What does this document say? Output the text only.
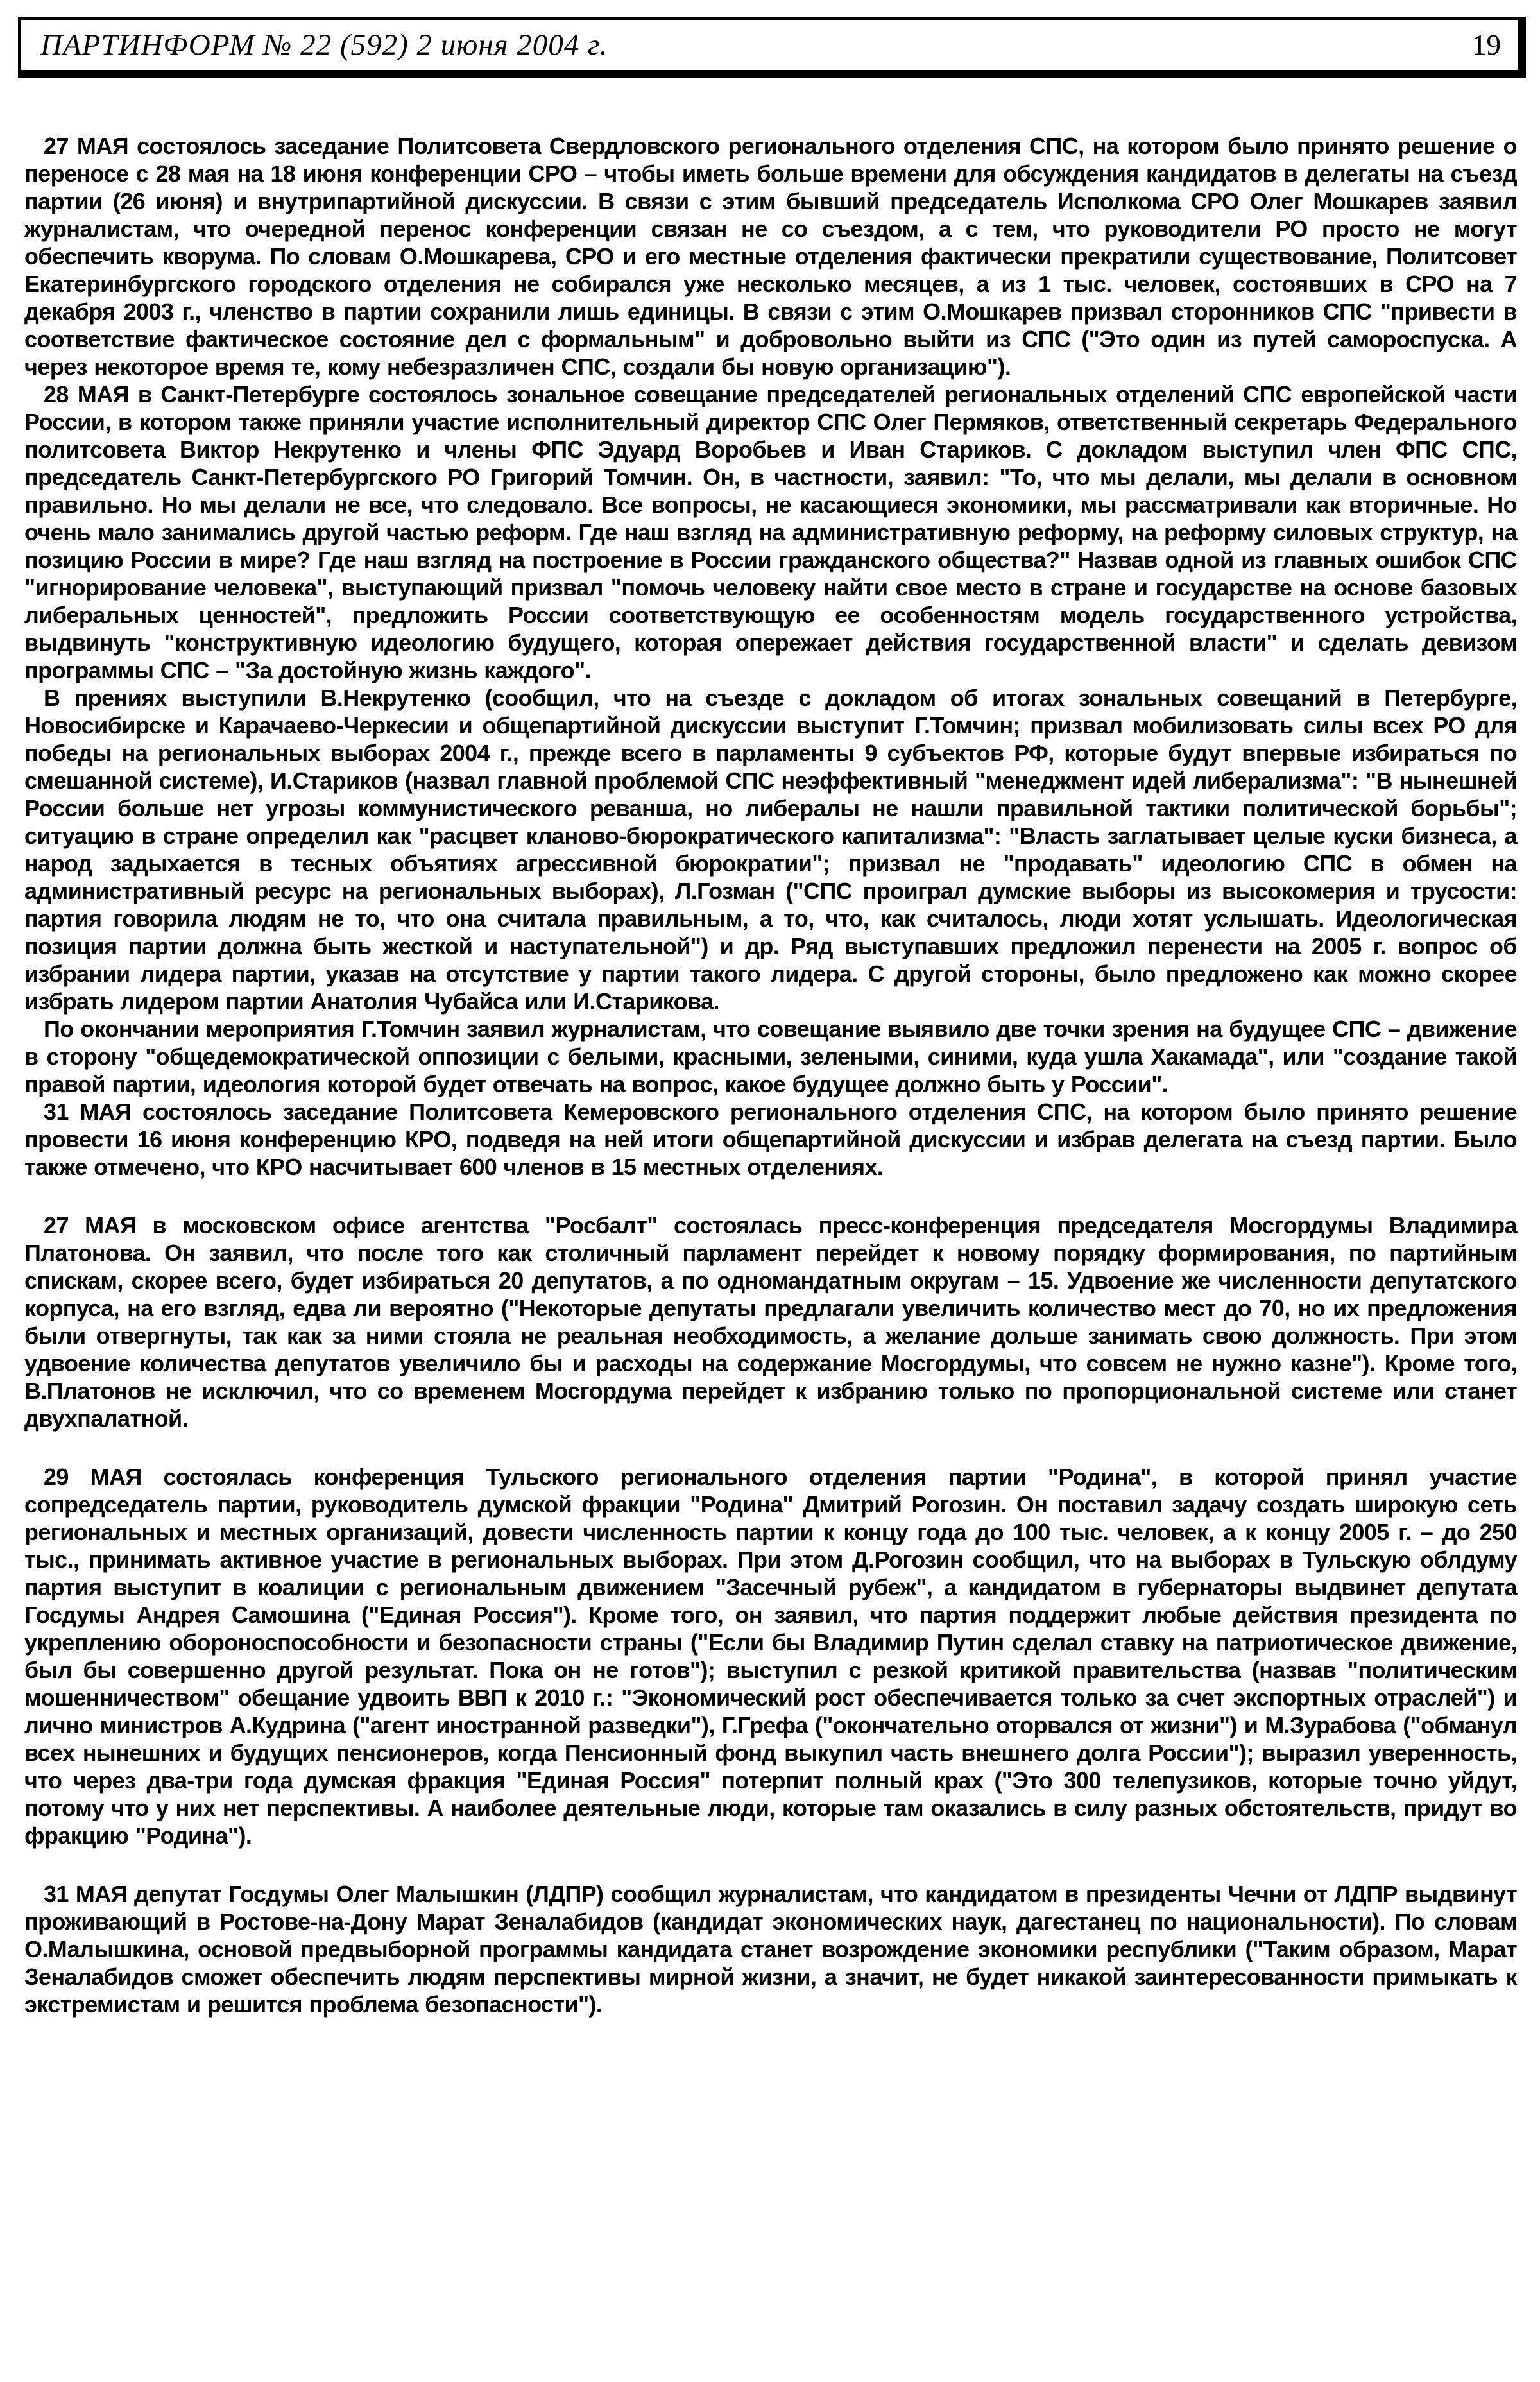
ПАРТИНФОРМ № 22 (592) 2 июня 2004 г.	19

27 МАЯ состоялось заседание Политсовета Свердловского регионального отделения СПС, на котором было принято решение о переносе с 28 мая на 18 июня конференции СРО – чтобы иметь больше времени для обсуждения кандидатов в делегаты на съезд партии (26 июня) и внутрипартийной дискуссии. В связи с этим бывший председатель Исполкома СРО Олег Мошкарев заявил журналистам, что очередной перенос конференции связан не со съездом, а с тем, что руководители РО просто не могут обеспечить кворума. По словам О.Мошкарева, СРО и его местные отделения фактически прекратили существование, Политсовет Екатеринбургского городского отделения не собирался уже несколько месяцев, а из 1 тыс. человек, состоявших в СРО на 7 декабря 2003 г., членство в партии сохранили лишь единицы. В связи с этим О.Мошкарев призвал сторонников СПС "привести в соответствие фактическое состояние дел с формальным" и добровольно выйти из СПС ("Это один из путей самороспуска. А через некоторое время те, кому небезразличен СПС, создали бы новую организацию").

28 МАЯ в Санкт-Петербурге состоялось зональное совещание председателей региональных отделений СПС европейской части России, в котором также приняли участие исполнительный директор СПС Олег Пермяков, ответственный секретарь Федерального политсовета Виктор Некрутенко и члены ФПС Эдуард Воробьев и Иван Стариков. С докладом выступил член ФПС СПС, председатель Санкт-Петербургского РО Григорий Томчин. Он, в частности, заявил: "То, что мы делали, мы делали в основном правильно. Но мы делали не все, что следовало. Все вопросы, не касающиеся экономики, мы рассматривали как вторичные. Но очень мало занимались другой частью реформ. Где наш взгляд на административную реформу, на реформу силовых структур, на позицию России в мире? Где наш взгляд на построение в России гражданского общества?" Назвав одной из главных ошибок СПС "игнорирование человека", выступающий призвал "помочь человеку найти свое место в стране и государстве на основе базовых либеральных ценностей", предложить России соответствующую ее особенностям модель государственного устройства, выдвинуть "конструктивную идеологию будущего, которая опережает действия государственной власти" и сделать девизом программы СПС – "За достойную жизнь каждого".

В прениях выступили В.Некрутенко (сообщил, что на съезде с докладом об итогах зональных совещаний в Петербурге, Новосибирске и Карачаево-Черкесии и общепартийной дискуссии выступит Г.Томчин; призвал мобилизовать силы всех РО для победы на региональных выборах 2004 г., прежде всего в парламенты 9 субъектов РФ, которые будут впервые избираться по смешанной системе), И.Стариков (назвал главной проблемой СПС неэффективный "менеджмент идей либерализма": "В нынешней России больше нет угрозы коммунистического реванша, но либералы не нашли правильной тактики политической борьбы"; ситуацию в стране определил как "расцвет кланово-бюрократического капитализма": "Власть заглатывает целые куски бизнеса, а народ задыхается в тесных объятиях агрессивной бюрократии"; призвал не "продавать" идеологию СПС в обмен на административный ресурс на региональных выборах), Л.Гозман ("СПС проиграл думские выборы из высокомерия и трусости: партия говорила людям не то, что она считала правильным, а то, что, как считалось, люди хотят услышать. Идеологическая позиция партии должна быть жесткой и наступательной") и др. Ряд выступавших предложил перенести на 2005 г. вопрос об избрании лидера партии, указав на отсутствие у партии такого лидера. С другой стороны, было предложено как можно скорее избрать лидером партии Анатолия Чубайса или И.Старикова.

По окончании мероприятия Г.Томчин заявил журналистам, что совещание выявило две точки зрения на будущее СПС – движение в сторону "общедемократической оппозиции с белыми, красными, зелеными, синими, куда ушла Хакамада", или "создание такой правой партии, идеология которой будет отвечать на вопрос, какое будущее должно быть у России".

31 МАЯ состоялось заседание Политсовета Кемеровского регионального отделения СПС, на котором было принято решение провести 16 июня конференцию КРО, подведя на ней итоги общепартийной дискуссии и избрав делегата на съезд партии. Было также отмечено, что КРО насчитывает 600 членов в 15 местных отделениях.

27 МАЯ в московском офисе агентства "Росбалт" состоялась пресс-конференция председателя Мосгордумы Владимира Платонова. Он заявил, что после того как столичный парламент перейдет к новому порядку формирования, по партийным спискам, скорее всего, будет избираться 20 депутатов, а по одномандатным округам – 15. Удвоение же численности депутатского корпуса, на его взгляд, едва ли вероятно ("Некоторые депутаты предлагали увеличить количество мест до 70, но их предложения были отвергнуты, так как за ними стояла не реальная необходимость, а желание дольше занимать свою должность. При этом удвоение количества депутатов увеличило бы и расходы на содержание Мосгордумы, что совсем не нужно казне"). Кроме того, В.Платонов не исключил, что со временем Мосгордума перейдет к избранию только по пропорциональной системе или станет двухпалатной.

29 МАЯ состоялась конференция Тульского регионального отделения партии "Родина", в которой принял участие сопредседатель партии, руководитель думской фракции "Родина" Дмитрий Рогозин. Он поставил задачу создать широкую сеть региональных и местных организаций, довести численность партии к концу года до 100 тыс. человек, а к концу 2005 г. – до 250 тыс., принимать активное участие в региональных выборах. При этом Д.Рогозин сообщил, что на выборах в Тульскую облдуму партия выступит в коалиции с региональным движением "Засечный рубеж", а кандидатом в губернаторы выдвинет депутата Госдумы Андрея Самошина ("Единая Россия"). Кроме того, он заявил, что партия поддержит любые действия президента по укреплению обороноспособности и безопасности страны ("Если бы Владимир Путин сделал ставку на патриотическое движение, был бы совершенно другой результат. Пока он не готов"); выступил с резкой критикой правительства (назвав "политическим мошенничеством" обещание удвоить ВВП к 2010 г.: "Экономический рост обеспечивается только за счет экспортных отраслей") и лично министров А.Кудрина ("агент иностранной разведки"), Г.Грефа ("окончательно оторвался от жизни") и М.Зурабова ("обманул всех нынешних и будущих пенсионеров, когда Пенсионный фонд выкупил часть внешнего долга России"); выразил уверенность, что через два-три года думская фракция "Единая Россия" потерпит полный крах ("Это 300 телепузиков, которые точно уйдут, потому что у них нет перспективы. А наиболее деятельные люди, которые там оказались в силу разных обстоятельств, придут во фракцию "Родина").

31 МАЯ депутат Госдумы Олег Малышкин (ЛДПР) сообщил журналистам, что кандидатом в президенты Чечни от ЛДПР выдвинут проживающий в Ростове-на-Дону Марат Зеналабидов (кандидат экономических наук, дагестанец по национальности). По словам О.Малышкина, основой предвыборной программы кандидата станет возрождение экономики республики ("Таким образом, Марат Зеналабидов сможет обеспечить людям перспективы мирной жизни, а значит, не будет никакой заинтересованности примыкать к экстремистам и решится проблема безопасности").
